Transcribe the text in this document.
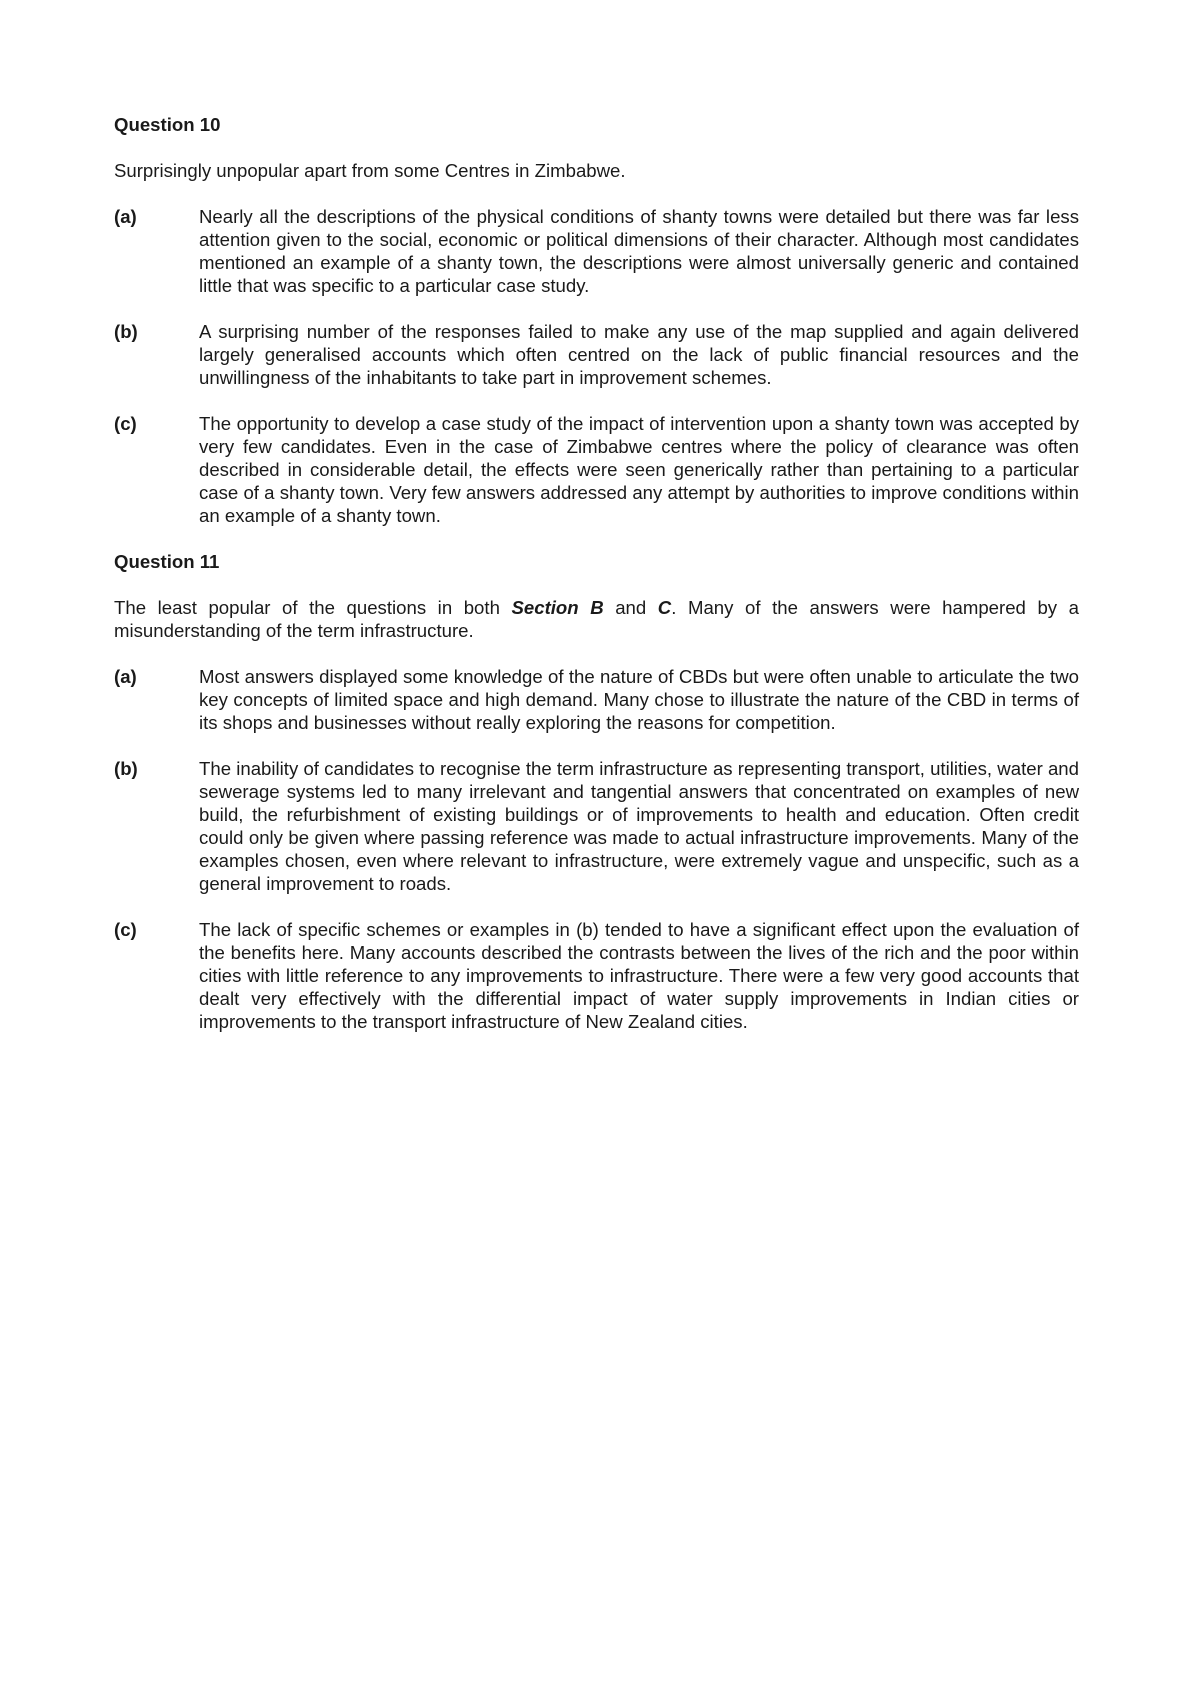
Question 10
Surprisingly unpopular apart from some Centres in Zimbabwe.
(a)	Nearly all the descriptions of the physical conditions of shanty towns were detailed but there was far less attention given to the social, economic or political dimensions of their character. Although most candidates mentioned an example of a shanty town, the descriptions were almost universally generic and contained little that was specific to a particular case study.
(b)	A surprising number of the responses failed to make any use of the map supplied and again delivered largely generalised accounts which often centred on the lack of public financial resources and the unwillingness of the inhabitants to take part in improvement schemes.
(c)	The opportunity to develop a case study of the impact of intervention upon a shanty town was accepted by very few candidates. Even in the case of Zimbabwe centres where the policy of clearance was often described in considerable detail, the effects were seen generically rather than pertaining to a particular case of a shanty town. Very few answers addressed any attempt by authorities to improve conditions within an example of a shanty town.
Question 11
The least popular of the questions in both Section B and C. Many of the answers were hampered by a misunderstanding of the term infrastructure.
(a)	Most answers displayed some knowledge of the nature of CBDs but were often unable to articulate the two key concepts of limited space and high demand. Many chose to illustrate the nature of the CBD in terms of its shops and businesses without really exploring the reasons for competition.
(b)	The inability of candidates to recognise the term infrastructure as representing transport, utilities, water and sewerage systems led to many irrelevant and tangential answers that concentrated on examples of new build, the refurbishment of existing buildings or of improvements to health and education. Often credit could only be given where passing reference was made to actual infrastructure improvements. Many of the examples chosen, even where relevant to infrastructure, were extremely vague and unspecific, such as a general improvement to roads.
(c)	The lack of specific schemes or examples in (b) tended to have a significant effect upon the evaluation of the benefits here. Many accounts described the contrasts between the lives of the rich and the poor within cities with little reference to any improvements to infrastructure. There were a few very good accounts that dealt very effectively with the differential impact of water supply improvements in Indian cities or improvements to the transport infrastructure of New Zealand cities.
